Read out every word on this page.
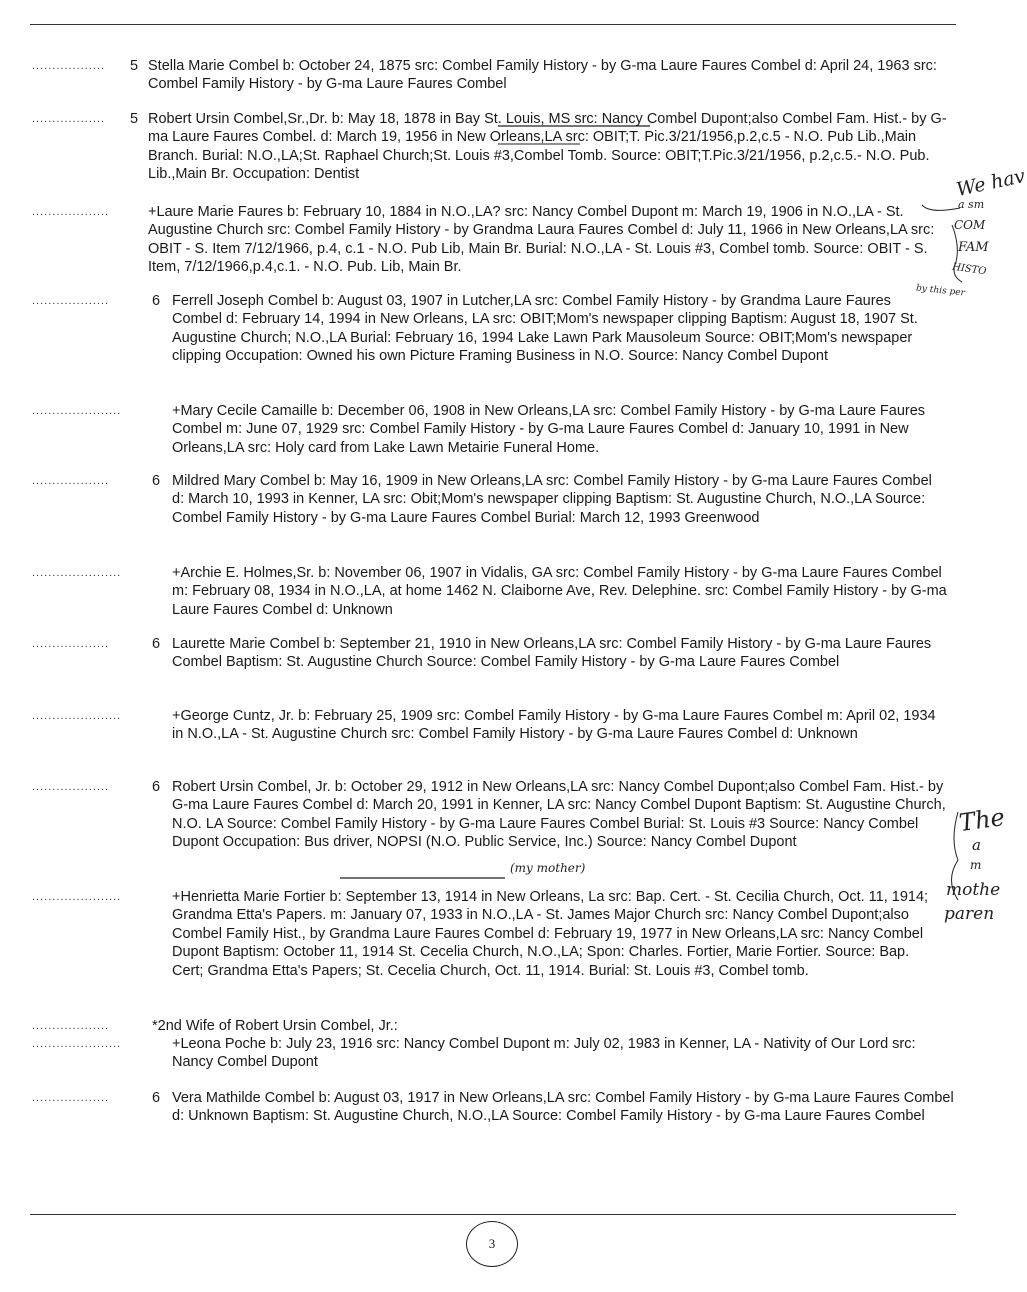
.................. 5 Stella Marie Combel b: October 24, 1875 src: Combel Family History - by G-ma Laure Faures Combel d: April 24, 1963 src: Combel Family History - by G-ma Laure Faures Combel
.................. 5 Robert Ursin Combel,Sr.,Dr. b: May 18, 1878 in Bay St. Louis, MS src: Nancy Combel Dupont;also Combel Fam. Hist.- by G-ma Laure Faures Combel. d: March 19, 1956 in New Orleans,LA src: OBIT;T. Pic.3/21/1956,p.2,c.5 - N.O. Pub Lib.,Main Branch. Burial: N.O.,LA;St. Raphael Church;St. Louis #3,Combel Tomb. Source: OBIT;T.Pic.3/21/1956, p.2,c.5.- N.O. Pub. Lib.,Main Br. Occupation: Dentist
...................	+Laure Marie Faures b: February 10, 1884 in N.O.,LA? src: Nancy Combel Dupont m: March 19, 1906 in N.O.,LA - St. Augustine Church src: Combel Family History - by Grandma Laura Faures Combel d: July 11, 1966 in New Orleans,LA src: OBIT - S. Item 7/12/1966, p.4, c.1 - N.O. Pub Lib, Main Br. Burial: N.O.,LA - St. Louis #3, Combel tomb. Source: OBIT - S. Item, 7/12/1966,p.4,c.1. - N.O. Pub. Lib, Main Br.
...................	6 Ferrell Joseph Combel b: August 03, 1907 in Lutcher,LA src: Combel Family History - by Grandma Laure Faures Combel d: February 14, 1994 in New Orleans, LA src: OBIT;Mom's newspaper clipping Baptism: August 18, 1907 St. Augustine Church; N.O.,LA Burial: February 16, 1994 Lake Lawn Park Mausoleum Source: OBIT;Mom's newspaper clipping Occupation: Owned his own Picture Framing Business in N.O. Source: Nancy Combel Dupont
......................	+Mary Cecile Camaille b: December 06, 1908 in New Orleans,LA src: Combel Family History - by G-ma Laure Faures Combel m: June 07, 1929 src: Combel Family History - by G-ma Laure Faures Combel d: January 10, 1991 in New Orleans,LA src: Holy card from Lake Lawn Metairie Funeral Home.
...................	6 Mildred Mary Combel b: May 16, 1909 in New Orleans,LA src: Combel Family History - by G-ma Laure Faures Combel d: March 10, 1993 in Kenner, LA src: Obit;Mom's newspaper clipping Baptism: St. Augustine Church, N.O.,LA Source: Combel Family History - by G-ma Laure Faures Combel Burial: March 12, 1993 Greenwood
......................	+Archie E. Holmes,Sr. b: November 06, 1907 in Vidalis, GA src: Combel Family History - by G-ma Laure Faures Combel m: February 08, 1934 in N.O.,LA, at home 1462 N. Claiborne Ave, Rev. Delephine. src: Combel Family History - by G-ma Laure Faures Combel d: Unknown
...................	6 Laurette Marie Combel b: September 21, 1910 in New Orleans,LA src: Combel Family History - by G-ma Laure Faures Combel Baptism: St. Augustine Church Source: Combel Family History - by G-ma Laure Faures Combel
......................	+George Cuntz, Jr. b: February 25, 1909 src: Combel Family History - by G-ma Laure Faures Combel m: April 02, 1934 in N.O.,LA - St. Augustine Church src: Combel Family History - by G-ma Laure Faures Combel d: Unknown
...................	6 Robert Ursin Combel, Jr. b: October 29, 1912 in New Orleans,LA src: Nancy Combel Dupont;also Combel Fam. Hist.- by G-ma Laure Faures Combel d: March 20, 1991 in Kenner, LA src: Nancy Combel Dupont Baptism: St. Augustine Church, N.O. LA Source: Combel Family History - by G-ma Laure Faures Combel Burial: St. Louis #3 Source: Nancy Combel Dupont Occupation: Bus driver, NOPSI (N.O. Public Service, Inc.) Source: Nancy Combel Dupont
......................	+Henrietta Marie Fortier b: September 13, 1914 in New Orleans, La src: Bap. Cert. - St. Cecilia Church, Oct. 11, 1914; Grandma Etta's Papers. m: January 07, 1933 in N.O.,LA - St. James Major Church src: Nancy Combel Dupont;also Combel Family Hist., by Grandma Laure Faures Combel d: February 19, 1977 in New Orleans,LA src: Nancy Combel Dupont Baptism: October 11, 1914 St. Cecelia Church, N.O.,LA; Spon: Charles. Fortier, Marie Fortier. Source: Bap. Cert; Grandma Etta's Papers; St. Cecelia Church, Oct. 11, 1914. Burial: St. Louis #3, Combel tomb.
...................	*2nd Wife of Robert Ursin Combel, Jr.:
......................	+Leona Poche b: July 23, 1916 src: Nancy Combel Dupont m: July 02, 1983 in Kenner, LA - Nativity of Our Lord src: Nancy Combel Dupont
...................	6 Vera Mathilde Combel b: August 03, 1917 in New Orleans,LA src: Combel Family History - by G-ma Laure Faures Combel d: Unknown Baptism: St. Augustine Church, N.O.,LA Source: Combel Family History - by G-ma Laure Faures Combel
We hav
a sm
COM
FAM
HISTO
by this per
The
a
m
mothe
paren
(my mother)
3
